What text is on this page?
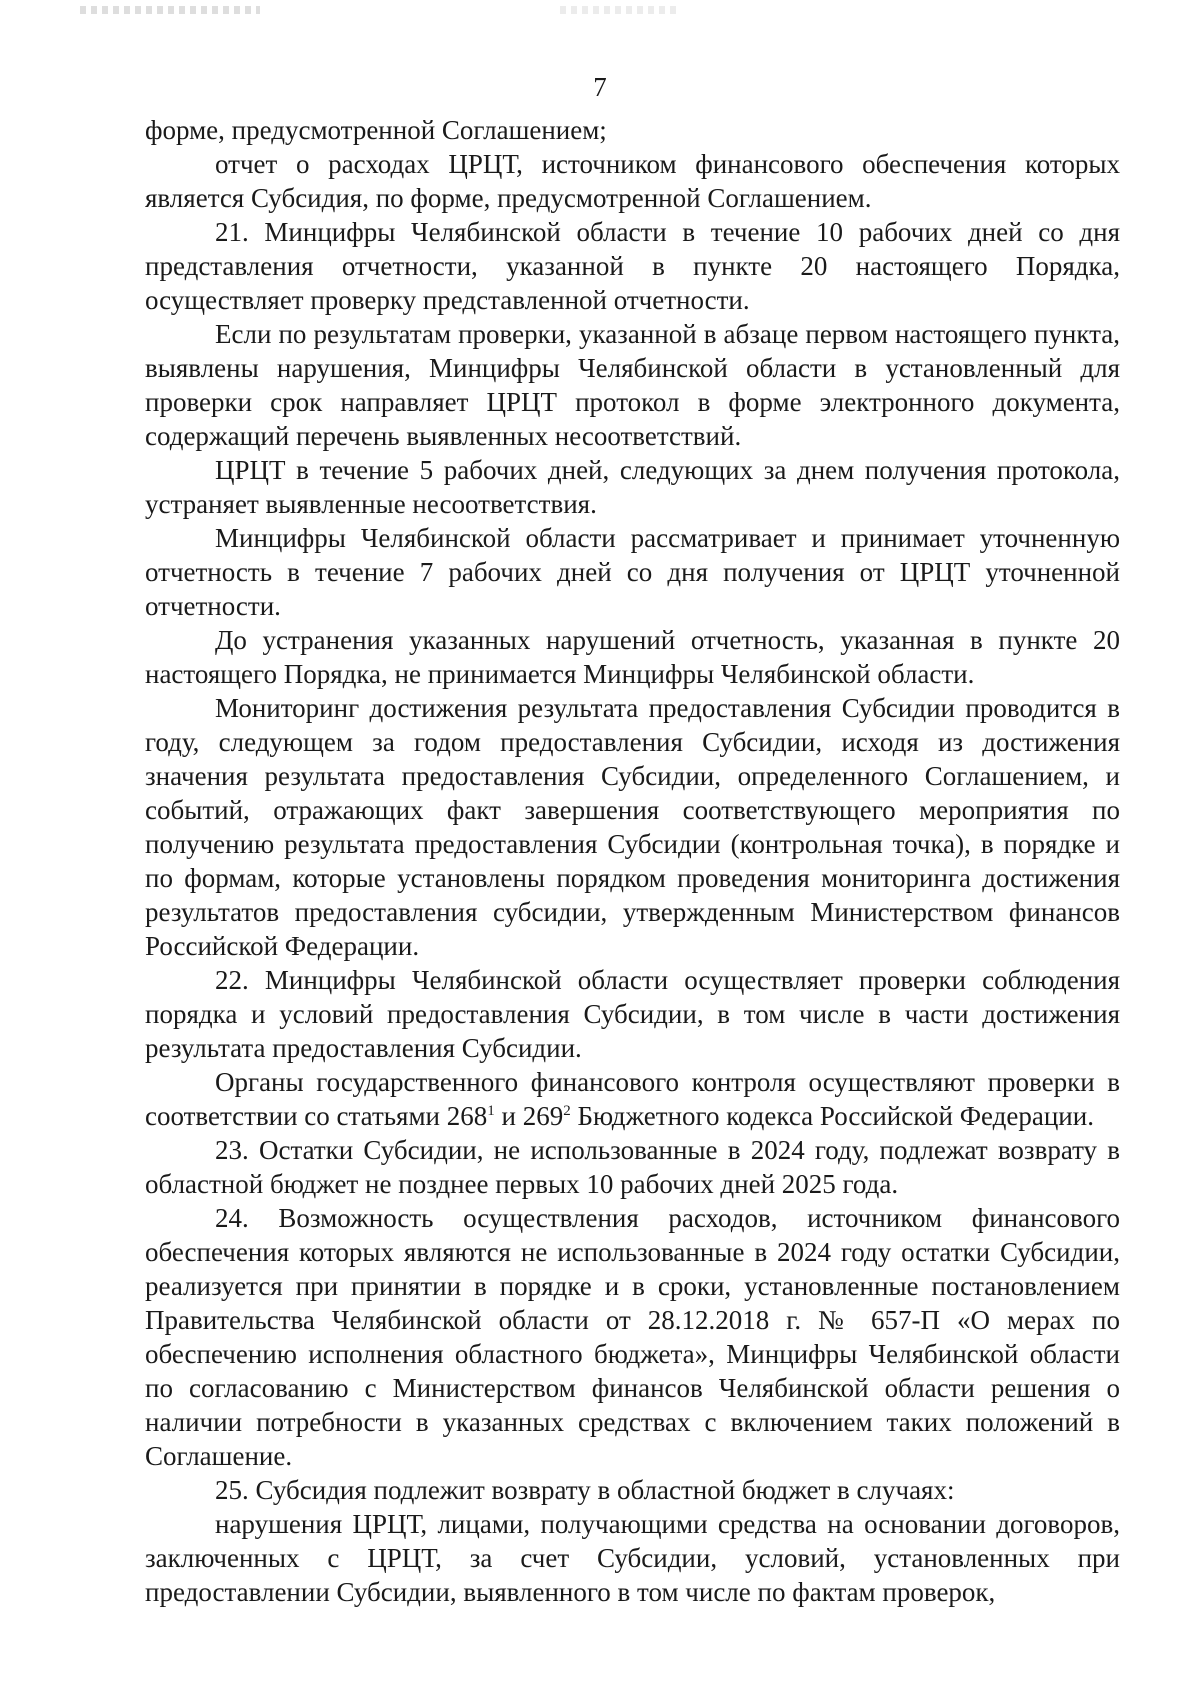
7

форме, предусмотренной Соглашением;

отчет о расходах ЦРЦТ, источником финансового обеспечения которых является Субсидия, по форме, предусмотренной Соглашением.

21. Минцифры Челябинской области в течение 10 рабочих дней со дня представления отчетности, указанной в пункте 20 настоящего Порядка, осуществляет проверку представленной отчетности.

Если по результатам проверки, указанной в абзаце первом настоящего пункта, выявлены нарушения, Минцифры Челябинской области в установленный для проверки срок направляет ЦРЦТ протокол в форме электронного документа, содержащий перечень выявленных несоответствий.

ЦРЦТ в течение 5 рабочих дней, следующих за днем получения протокола, устраняет выявленные несоответствия.

Минцифры Челябинской области рассматривает и принимает уточненную отчетность в течение 7 рабочих дней со дня получения от ЦРЦТ уточненной отчетности.

До устранения указанных нарушений отчетность, указанная в пункте 20 настоящего Порядка, не принимается Минцифры Челябинской области.

Мониторинг достижения результата предоставления Субсидии проводится в году, следующем за годом предоставления Субсидии, исходя из достижения значения результата предоставления Субсидии, определенного Соглашением, и событий, отражающих факт завершения соответствующего мероприятия по получению результата предоставления Субсидии (контрольная точка), в порядке и по формам, которые установлены порядком проведения мониторинга достижения результатов предоставления субсидии, утвержденным Министерством финансов Российской Федерации.

22. Минцифры Челябинской области осуществляет проверки соблюдения порядка и условий предоставления Субсидии, в том числе в части достижения результата предоставления Субсидии.

Органы государственного финансового контроля осуществляют проверки в соответствии со статьями $268^1$ и $269^2$ Бюджетного кодекса Российской Федерации.

23. Остатки Субсидии, не использованные в 2024 году, подлежат возврату в областной бюджет не позднее первых 10 рабочих дней 2025 года.

24. Возможность осуществления расходов, источником финансового обеспечения которых являются не использованные в 2024 году остатки Субсидии, реализуется при принятии в порядке и в сроки, установленные постановлением Правительства Челябинской области от 28.12.2018 г. № 657-П «О мерах по обеспечению исполнения областного бюджета», Минцифры Челябинской области по согласованию с Министерством финансов Челябинской области решения о наличии потребности в указанных средствах с включением таких положений в Соглашение.

25. Субсидия подлежит возврату в областной бюджет в случаях:

нарушения ЦРЦТ, лицами, получающими средства на основании договоров, заключенных с ЦРЦТ, за счет Субсидии, условий, установленных при предоставлении Субсидии, выявленного в том числе по фактам проверок,
